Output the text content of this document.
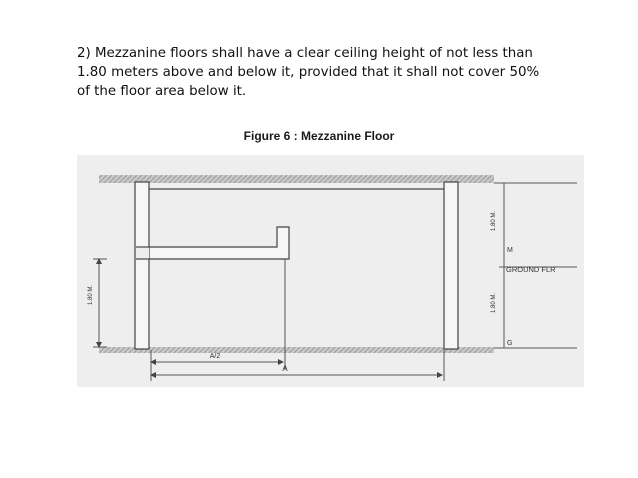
2) Mezzanine floors shall have a clear ceiling height of not less than
1.80 meters above and below it, provided that it shall not cover 50%
of the floor area below it.

Figure 6 : Mezzanine Floor
1.80 M.
1.80 M.
1.80 M.
M
GROUND FLR
G
A/2
A
